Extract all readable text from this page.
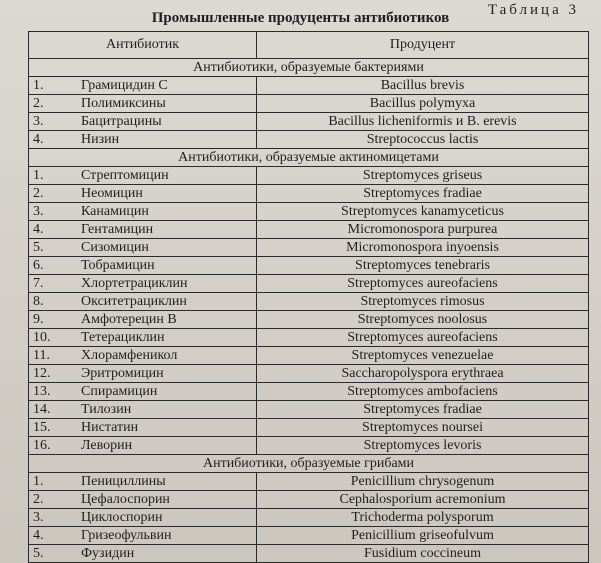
Таблица 3
Промышленные продуценты антибиотиков
Антибиотик	Продуцент
Антибиотики, образуемые бактериями	

1. Грамицидин С	Bacillus brevis

2. Полимиксины	Bacillus polymyxa

3. Бацитрацины	Bacillus licheniformis и B. erevis

4. Низин	Streptococcus lactis
Антибиотики, образуемые актиномицетами	

1. Стрептомицин	Streptomyces griseus

2. Неомицин	Streptomyces fradiae

3. Канамицин	Streptomyces kanamyceticus

4. Гентамицин	Micromonospora purpurea

5. Сизомицин	Micromonospora inyoensis

6. Тобрамицин	Streptomyces tenebraris

7. Хлортетрациклин	Streptomyces aureofaciens

8. Окситетрациклин	Streptomyces rimosus

9. Амфотерецин В	Streptomyces noolosus

10. Тетерациклин	Streptomyces aureofaciens

11. Хлорамфеникол	Streptomyces venezuelae

12. Эритромицин	Saccharopolyspora erythraea

13. Спирамицин	Streptomyces ambofaciens

14. Тилозин	Streptomyces fradiae

15. Нистатин	Streptomyces noursei

16. Леворин	Streptomyces levoris
Антибиотики, образуемые грибами	

1. Пенициллины	Penicillium chrysogenum

2. Цефалоспорин	Cephalosporium acremonium

3. Циклоспорин	Trichoderma polysporum

4. Гризеофульвин	Penicillium griseofulvum

5. Фузидин	Fusidium coccineum
